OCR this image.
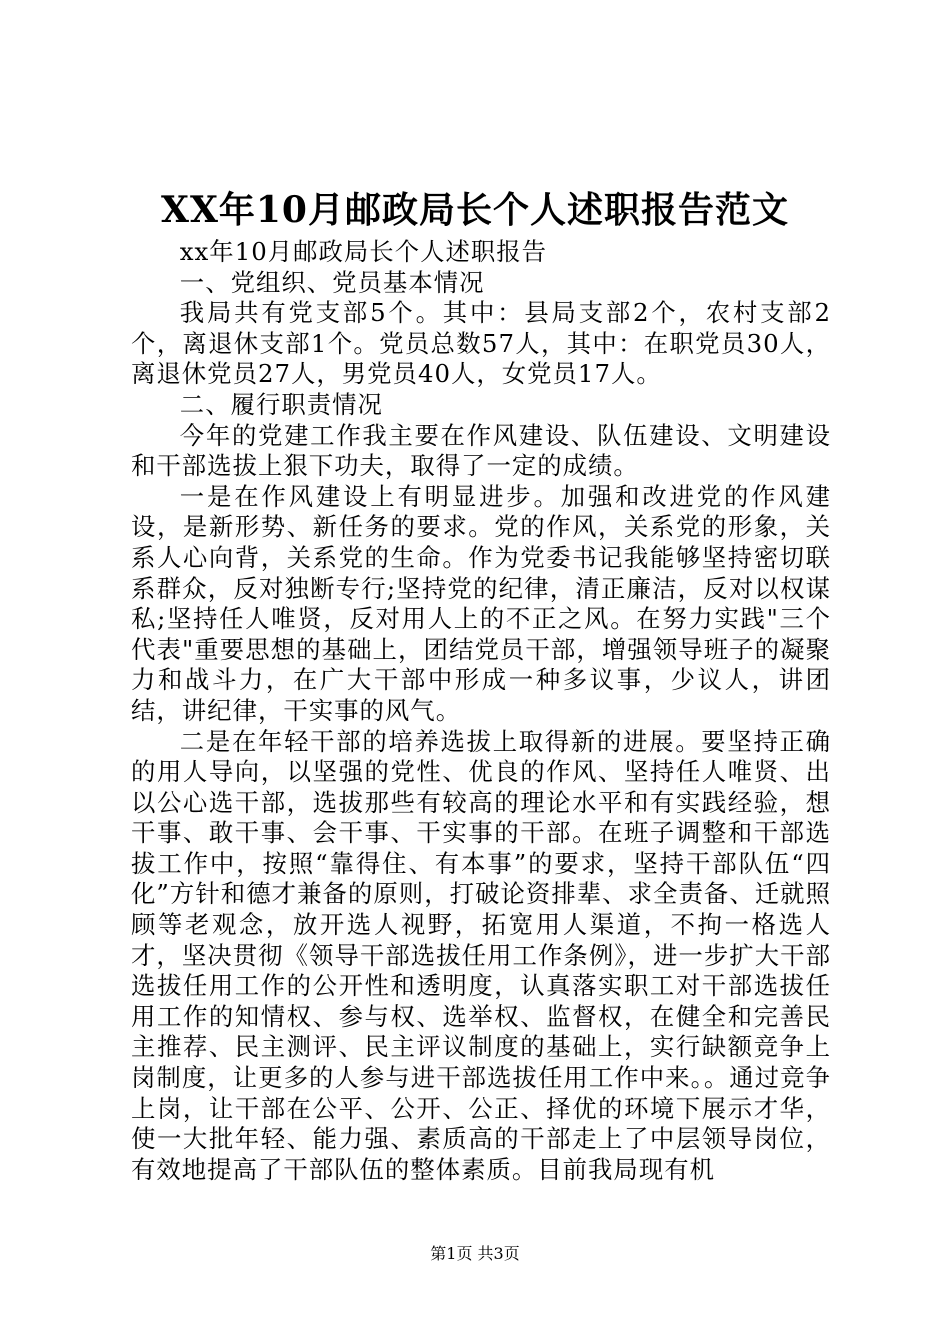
XX年10月邮政局长个人述职报告范文

xx年10月邮政局长个人述职报告

一、党组织、党员基本情况

我局共有党支部5个。其中：县局支部2个，农村支部2个，离退休支部1个。党员总数57人，其中：在职党员30人，离退休党员27人，男党员40人，女党员17人。

二、履行职责情况

今年的党建工作我主要在作风建设、队伍建设、文明建设和干部选拔上狠下功夫，取得了一定的成绩。

一是在作风建设上有明显进步。加强和改进党的作风建设，是新形势、新任务的要求。党的作风，关系党的形象，关系人心向背，关系党的生命。作为党委书记我能够坚持密切联系群众，反对独断专行;坚持党的纪律，清正廉洁，反对以权谋私;坚持任人唯贤，反对用人上的不正之风。在努力实践"三个代表"重要思想的基础上，团结党员干部，增强领导班子的凝聚力和战斗力，在广大干部中形成一种多议事，少议人，讲团结，讲纪律，干实事的风气。

二是在年轻干部的培养选拔上取得新的进展。要坚持正确的用人导向，以坚强的党性、优良的作风、坚持任人唯贤、出以公心选干部，选拔那些有较高的理论水平和有实践经验，想干事、敢干事、会干事、干实事的干部。在班子调整和干部选拔工作中，按照“靠得住、有本事”的要求，坚持干部队伍“四化”方针和德才兼备的原则，打破论资排辈、求全责备、迁就照顾等老观念，放开选人视野，拓宽用人渠道，不拘一格选人才，坚决贯彻《领导干部选拔任用工作条例》，进一步扩大干部选拔任用工作的公开性和透明度，认真落实职工对干部选拔任用工作的知情权、参与权、选举权、监督权，在健全和完善民主推荐、民主测评、民主评议制度的基础上，实行缺额竞争上岗制度，让更多的人参与进干部选拔任用工作中来。。通过竞争上岗，让干部在公平、公开、公正、择优的环境下展示才华，使一大批年轻、能力强、素质高的干部走上了中层领导岗位，有效地提高了干部队伍的整体素质。目前我局现有机

第1页 共3页
